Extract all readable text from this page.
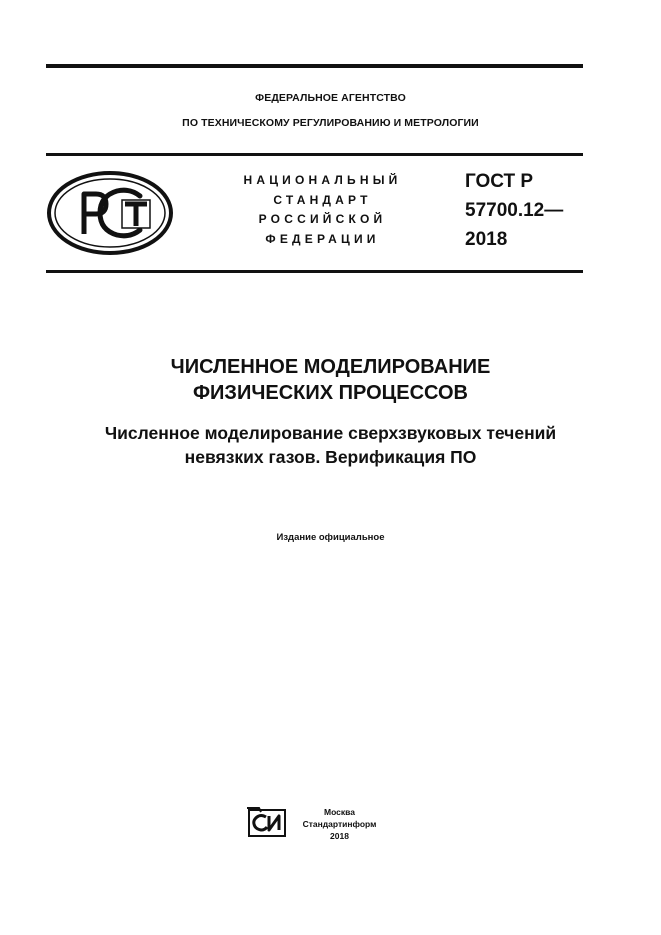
ФЕДЕРАЛЬНОЕ АГЕНТСТВО
ПО ТЕХНИЧЕСКОМУ РЕГУЛИРОВАНИЮ И МЕТРОЛОГИИ
НАЦИОНАЛЬНЫЙ
СТАНДАРТ
РОССИЙСКОЙ
ФЕДЕРАЦИИ
ГОСТ Р
57700.12—
2018
ЧИСЛЕННОЕ МОДЕЛИРОВАНИЕ
ФИЗИЧЕСКИХ ПРОЦЕССОВ
Численное моделирование сверхзвуковых течений
невязких газов. Верификация ПО
Издание официальное
Москва
Стандартинформ
2018
